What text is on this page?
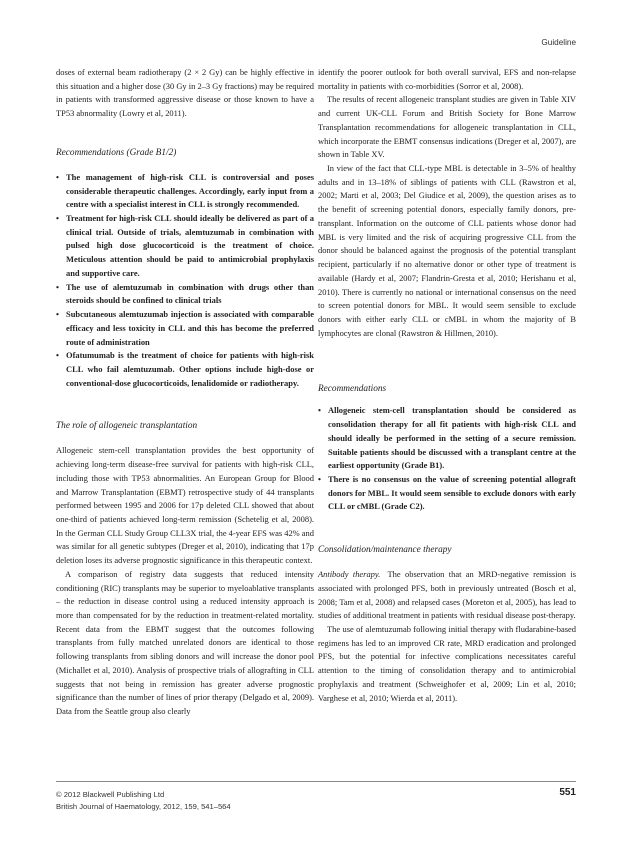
Guideline

doses of external beam radiotherapy (2 × 2 Gy) can be highly effective in this situation and a higher dose (30 Gy in 2–3 Gy fractions) may be required in patients with transformed aggressive disease or those known to have a TP53 abnormality (Lowry et al, 2011).

Recommendations (Grade B1/2)
• The management of high-risk CLL is controversial and poses considerable therapeutic challenges. Accordingly, early input from a centre with a specialist interest in CLL is strongly recommended.
• Treatment for high-risk CLL should ideally be delivered as part of a clinical trial. Outside of trials, alemtuzumab in combination with pulsed high dose glucocorticoid is the treatment of choice. Meticulous attention should be paid to antimicrobial prophylaxis and supportive care.
• The use of alemtuzumab in combination with drugs other than steroids should be confined to clinical trials
• Subcutaneous alemtuzumab injection is associated with comparable efficacy and less toxicity in CLL and this has become the preferred route of administration
• Ofatumumab is the treatment of choice for patients with high-risk CLL who fail alemtuzumab. Other options include high-dose or conventional-dose glucocorticoids, lenalidomide or radiotherapy.
The role of allogeneic transplantation

Allogeneic stem-cell transplantation provides the best opportunity of achieving long-term disease-free survival for patients with high-risk CLL, including those with TP53 abnormalities. An European Group for Blood and Marrow Transplantation (EBMT) retrospective study of 44 transplants performed between 1995 and 2006 for 17p deleted CLL showed that about one-third of patients achieved long-term remission (Schetelig et al, 2008). In the German CLL Study Group CLL3X trial, the 4-year EFS was 42% and was similar for all genetic subtypes (Dreger et al, 2010), indicating that 17p deletion loses its adverse prognostic significance in this therapeutic context.

A comparison of registry data suggests that reduced intensity conditioning (RIC) transplants may be superior to myeloablative transplants – the reduction in disease control using a reduced intensity approach is more than compensated for by the reduction in treatment-related mortality. Recent data from the EBMT suggest that the outcomes following transplants from fully matched unrelated donors are identical to those following transplants from sibling donors and will increase the donor pool (Michallet et al, 2010). Analysis of prospective trials of allografting in CLL suggests that not being in remission has greater adverse prognostic significance than the number of lines of prior therapy (Delgado et al, 2009). Data from the Seattle group also clearly

identify the poorer outlook for both overall survival, EFS and non-relapse mortality in patients with co-morbidities (Sorror et al, 2008).

The results of recent allogeneic transplant studies are given in Table XIV and current UK-CLL Forum and British Society for Bone Marrow Transplantation recommendations for allogeneic transplantation in CLL, which incorporate the EBMT consensus indications (Dreger et al, 2007), are shown in Table XV.

In view of the fact that CLL-type MBL is detectable in 3–5% of healthy adults and in 13–18% of siblings of patients with CLL (Rawstron et al, 2002; Marti et al, 2003; Del Giudice et al, 2009), the question arises as to the benefit of screening potential donors, especially family donors, pre-transplant. Information on the outcome of CLL patients whose donor had MBL is very limited and the risk of acquiring progressive CLL from the donor should be balanced against the prognosis of the potential transplant recipient, particularly if no alternative donor or other type of treatment is available (Hardy et al, 2007; Flandrin-Gresta et al, 2010; Herishanu et al, 2010). There is currently no national or international consensus on the need to screen potential donors for MBL. It would seem sensible to exclude donors with either early CLL or cMBL in whom the majority of B lymphocytes are clonal (Rawstron & Hillmen, 2010).

Recommendations
• Allogeneic stem-cell transplantation should be considered as consolidation therapy for all fit patients with high-risk CLL and should ideally be performed in the setting of a secure remission. Suitable patients should be discussed with a transplant centre at the earliest opportunity (Grade B1).
• There is no consensus on the value of screening potential allograft donors for MBL. It would seem sensible to exclude donors with early CLL or cMBL (Grade C2).
Consolidation/maintenance therapy

Antibody therapy. The observation that an MRD-negative remission is associated with prolonged PFS, both in previously untreated (Bosch et al, 2008; Tam et al, 2008) and relapsed cases (Moreton et al, 2005), has lead to studies of additional treatment in patients with residual disease post-therapy.

The use of alemtuzumab following initial therapy with fludarabine-based regimens has led to an improved CR rate, MRD eradication and prolonged PFS, but the potential for infective complications necessitates careful attention to the timing of consolidation therapy and to antimicrobial prophylaxis and treatment (Schweighofer et al, 2009; Lin et al, 2010; Varghese et al, 2010; Wierda et al, 2011).

© 2012 Blackwell Publishing Ltd
British Journal of Haematology, 2012, 159, 541–564
551
